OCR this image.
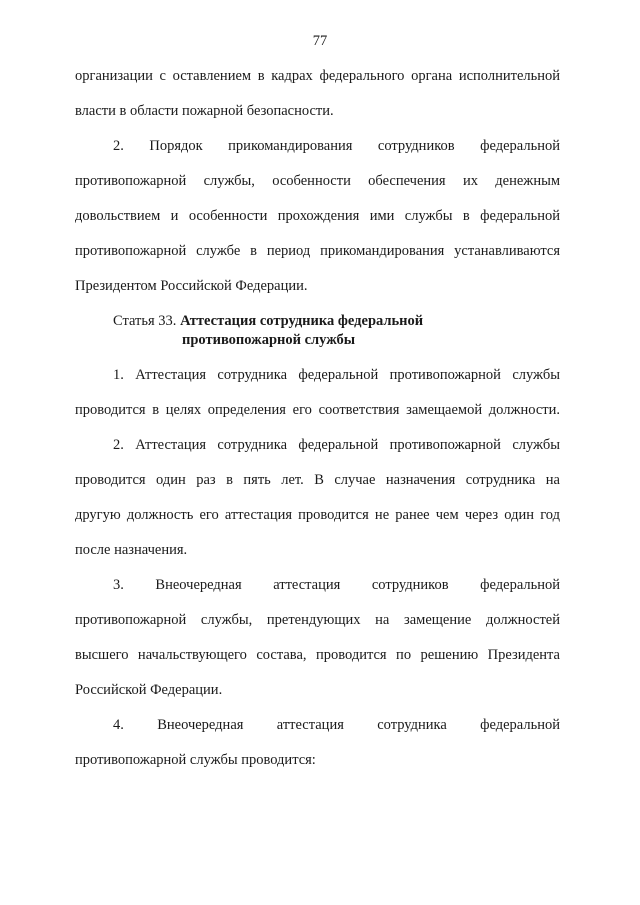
77
организации с оставлением в кадрах федерального органа исполнительной
власти в области пожарной безопасности.
2. Порядок прикомандирования сотрудников федеральной
противопожарной службы, особенности обеспечения их денежным
довольствием и особенности прохождения ими службы в федеральной
противопожарной службе в период прикомандирования устанавливаются
Президентом Российской Федерации.
Статья 33. Аттестация сотрудника федеральной
противопожарной службы
1. Аттестация сотрудника федеральной противопожарной службы
проводится в целях определения его соответствия замещаемой должности.
2. Аттестация сотрудника федеральной противопожарной службы
проводится один раз в пять лет. В случае назначения сотрудника на
другую должность его аттестация проводится не ранее чем через один год
после назначения.
3. Внеочередная аттестация сотрудников федеральной
противопожарной службы, претендующих на замещение должностей
высшего начальствующего состава, проводится по решению Президента
Российской Федерации.
4. Внеочередная аттестация сотрудника федеральной
противопожарной службы проводится:
